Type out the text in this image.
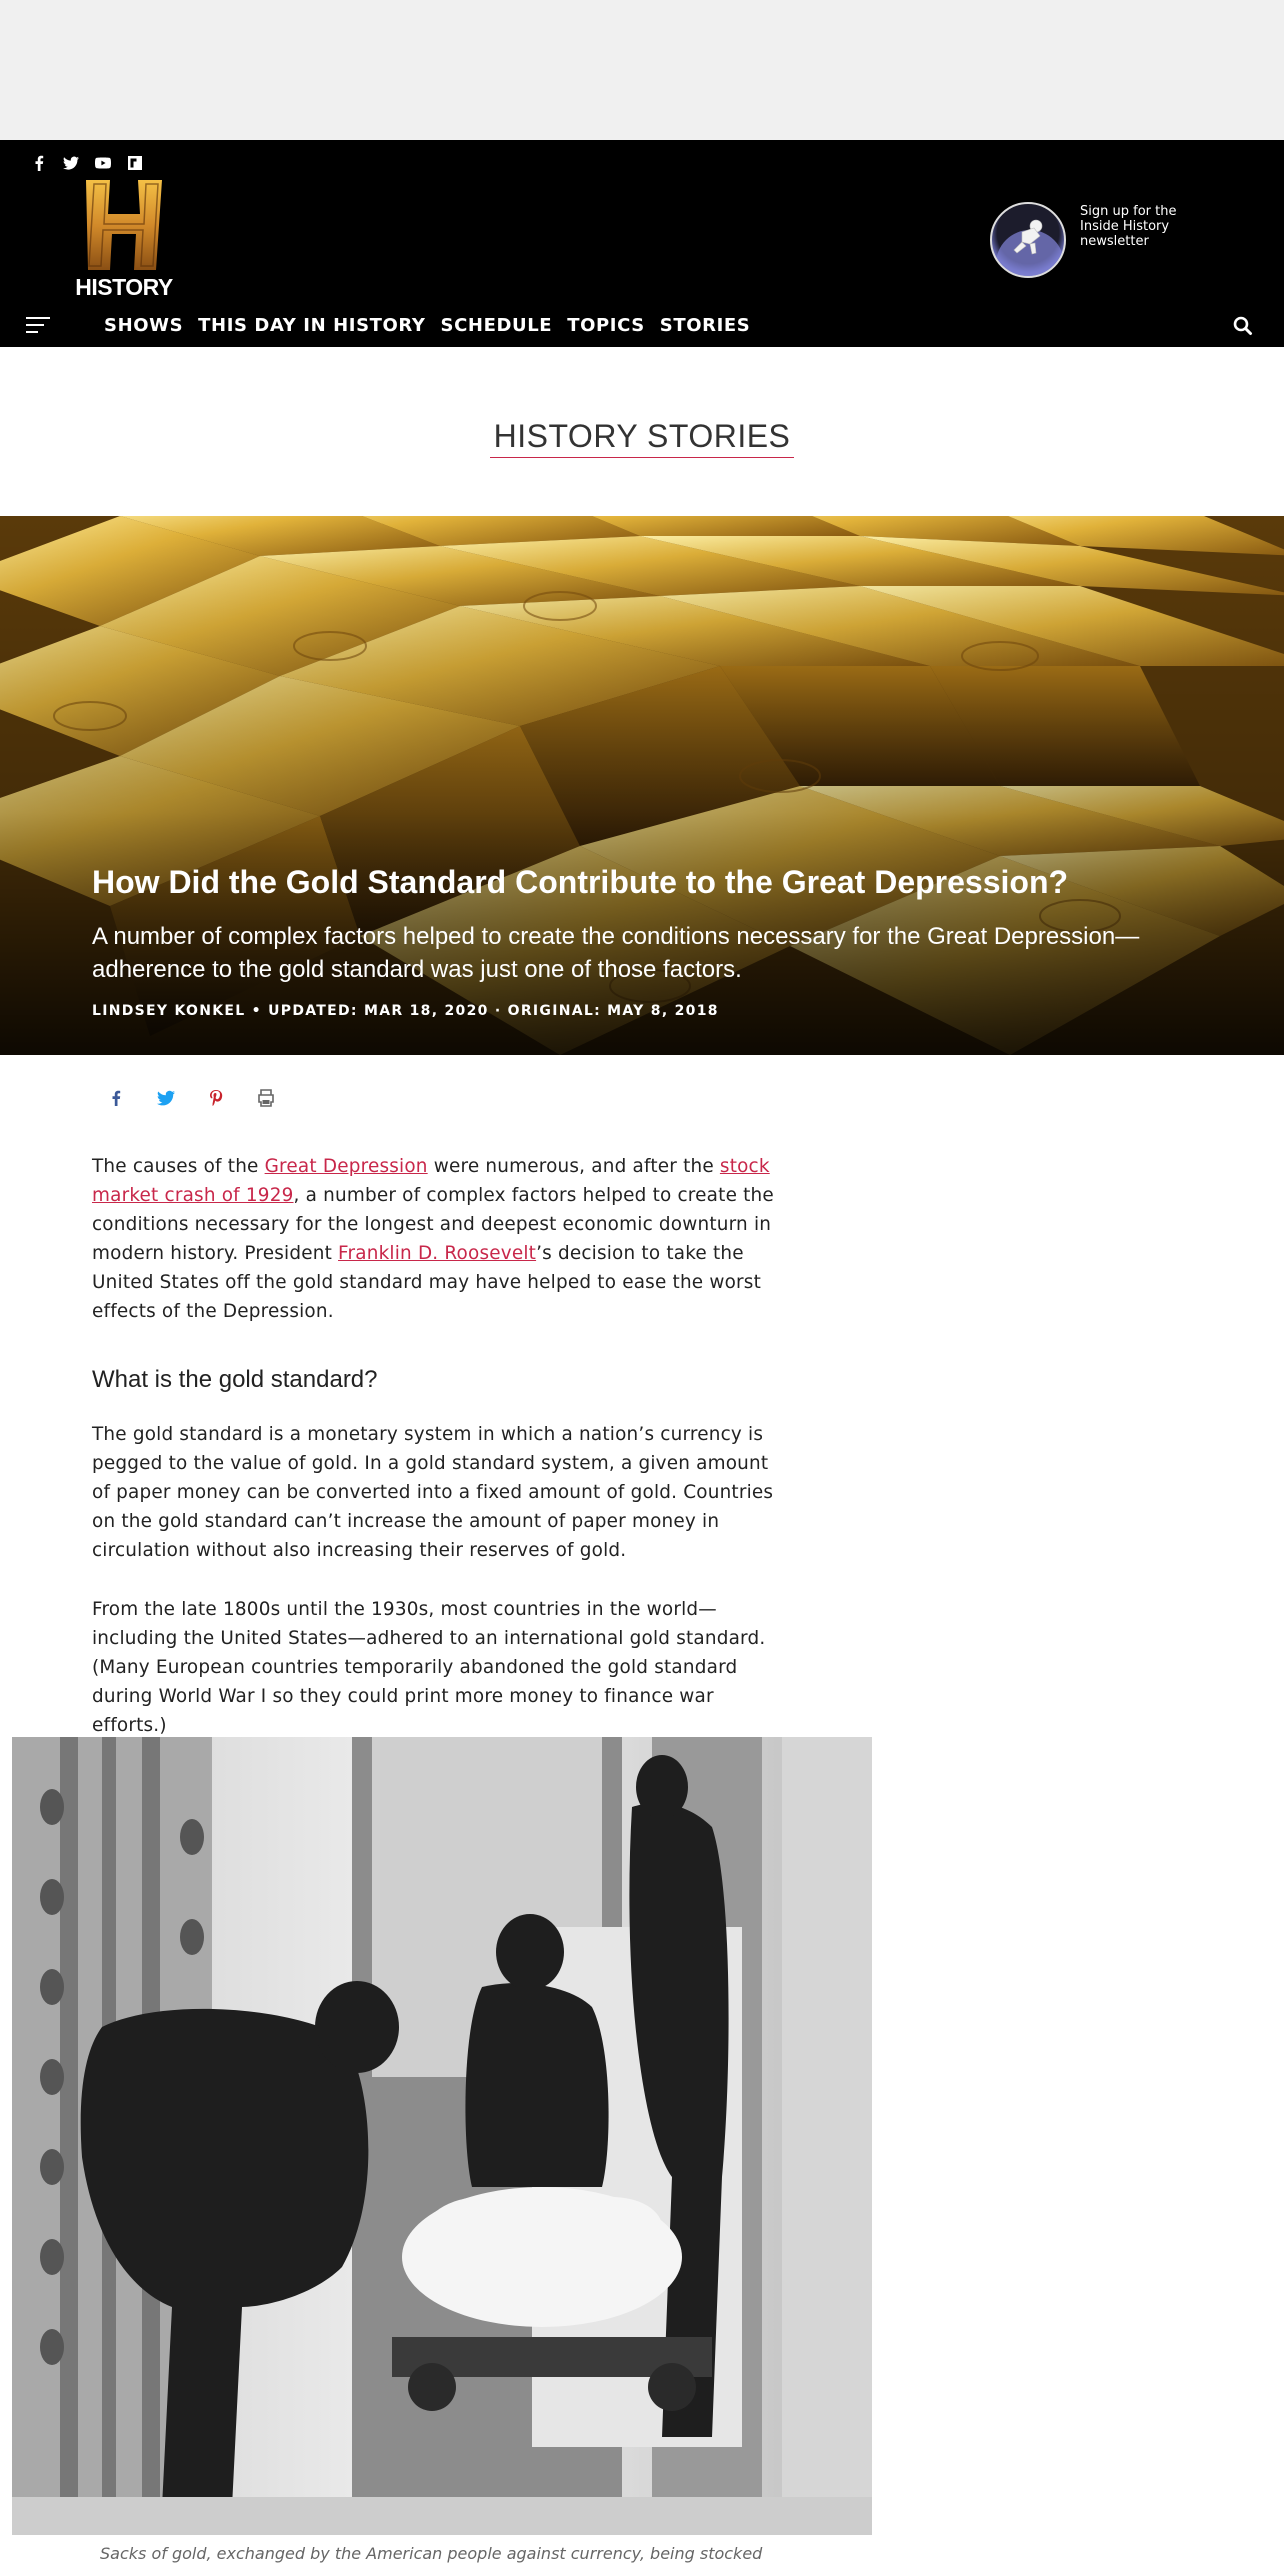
HISTORY
Sign up for the Inside History newsletter
SHOWS THIS DAY IN HISTORY SCHEDULE TOPICS STORIES
HISTORY STORIES
How Did the Gold Standard Contribute to the Great Depression?

A number of complex factors helped to create the conditions necessary for the Great Depression—adherence to the gold standard was just one of those factors.

LINDSEY KONKEL • UPDATED: MAR 18, 2020 · ORIGINAL: MAY 8, 2018

The causes of the Great Depression were numerous, and after the stock market crash of 1929, a number of complex factors helped to create the conditions necessary for the longest and deepest economic downturn in modern history. President Franklin D. Roosevelt’s decision to take the United States off the gold standard may have helped to ease the worst effects of the Depression.

What is the gold standard?

The gold standard is a monetary system in which a nation’s currency is pegged to the value of gold. In a gold standard system, a given amount of paper money can be converted into a fixed amount of gold. Countries on the gold standard can’t increase the amount of paper money in circulation without also increasing their reserves of gold.

From the late 1800s until the 1930s, most countries in the world—including the United States—adhered to an international gold standard. (Many European countries temporarily abandoned the gold standard during World War I so they could print more money to finance war efforts.)

Sacks of gold, exchanged by the American people against currency, being stocked
